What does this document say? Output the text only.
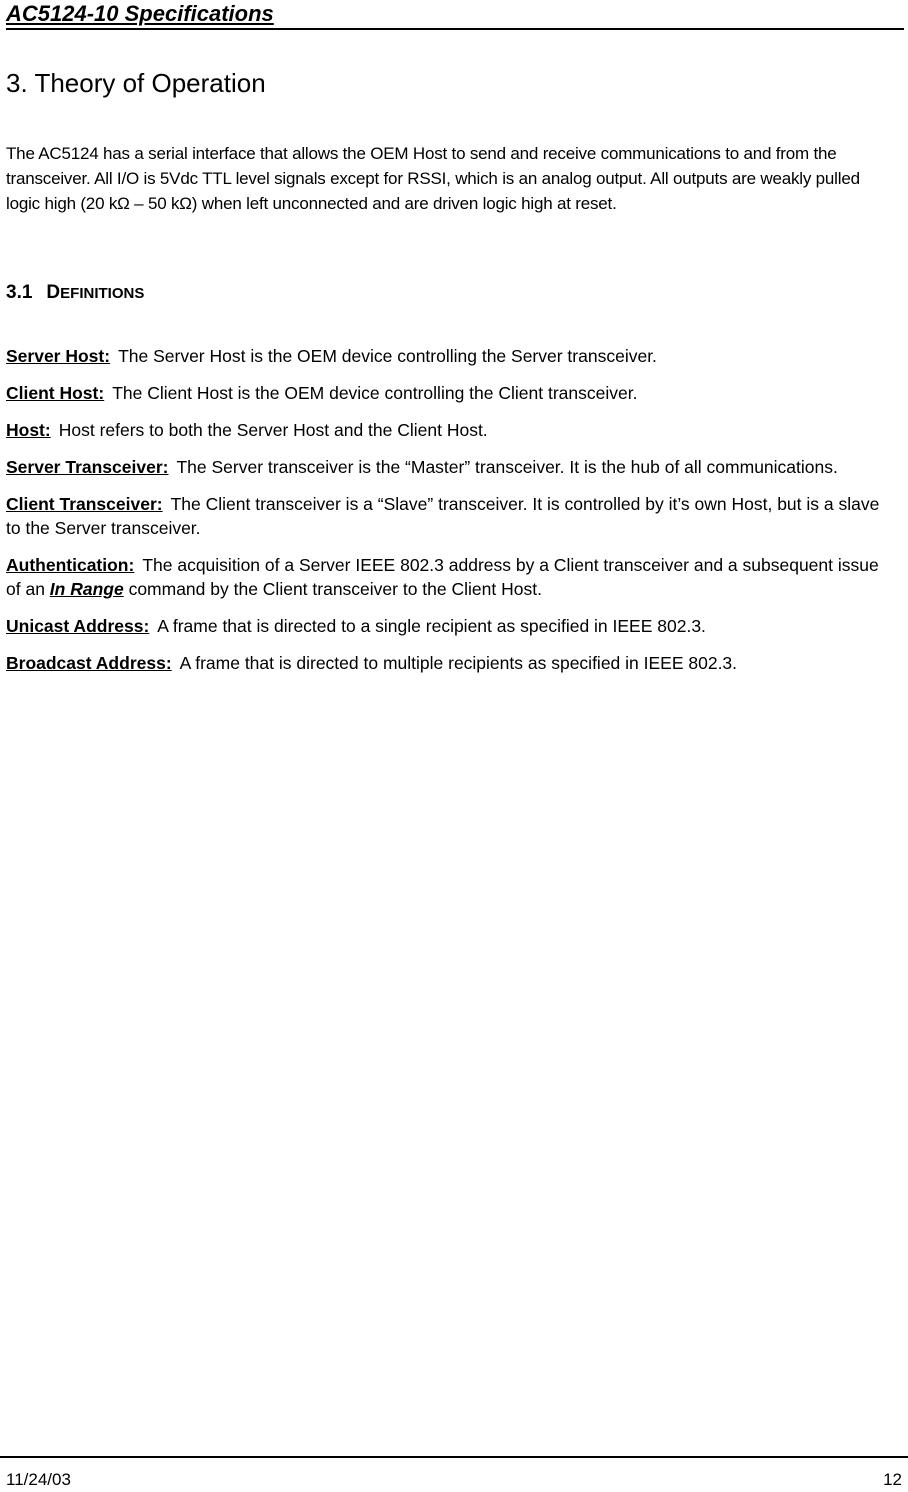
AC5124-10 Specifications
3. Theory of Operation
The AC5124 has a serial interface that allows the OEM Host to send and receive communications to and from the transceiver. All I/O is 5Vdc TTL level signals except for RSSI, which is an analog output. All outputs are weakly pulled logic high (20 kΩ – 50 kΩ) when left unconnected and are driven logic high at reset.
3.1 DEFINITIONS

Server Host: The Server Host is the OEM device controlling the Server transceiver.

Client Host: The Client Host is the OEM device controlling the Client transceiver.

Host: Host refers to both the Server Host and the Client Host.

Server Transceiver: The Server transceiver is the “Master” transceiver. It is the hub of all communications.

Client Transceiver: The Client transceiver is a “Slave” transceiver. It is controlled by it’s own Host, but is a slave to the Server transceiver.

Authentication: The acquisition of a Server IEEE 802.3 address by a Client transceiver and a subsequent issue of an In Range command by the Client transceiver to the Client Host.

Unicast Address: A frame that is directed to a single recipient as specified in IEEE 802.3.

Broadcast Address: A frame that is directed to multiple recipients as specified in IEEE 802.3.

11/24/03	12
